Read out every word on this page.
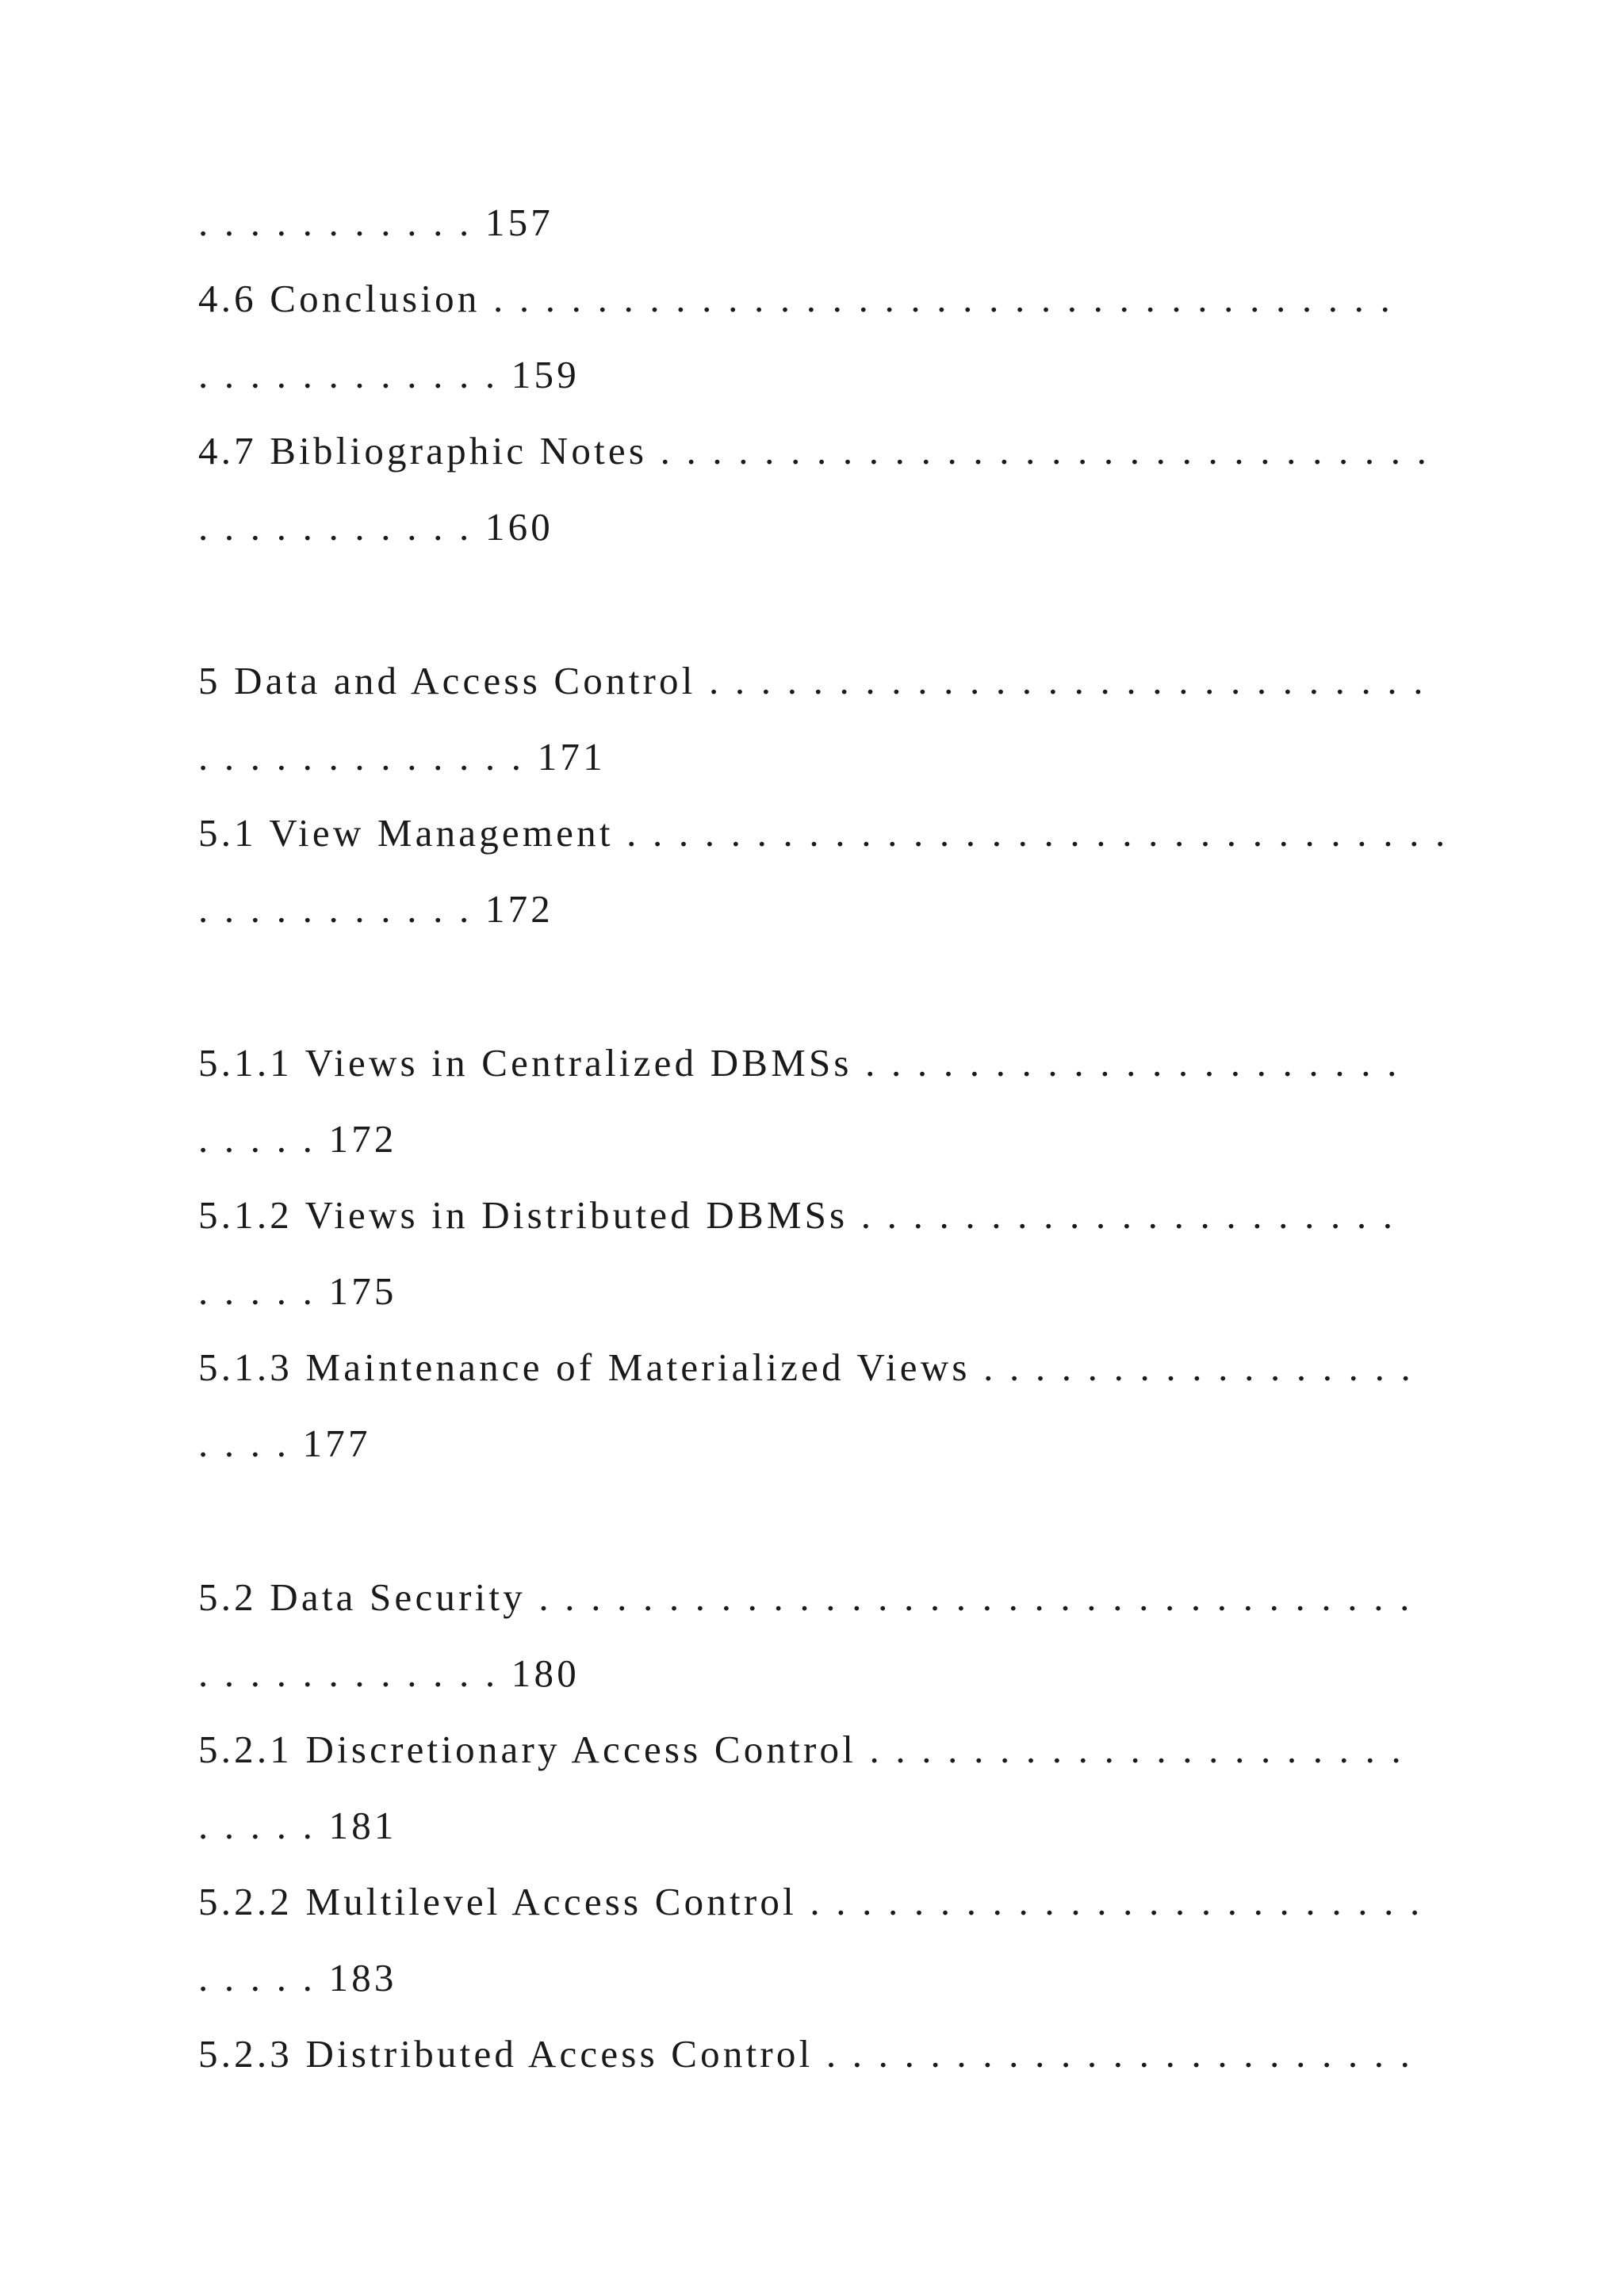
. . . . . . . . . . . 157

4.6 Conclusion . . . . . . . . . . . . . . . . . . . . . . . . . . . . . . . . . . .

. . . . . . . . . . . . 159

4.7 Bibliographic Notes . . . . . . . . . . . . . . . . . . . . . . . . . . . . . .

. . . . . . . . . . . 160

5 Data and Access Control . . . . . . . . . . . . . . . . . . . . . . . . . . . .

. . . . . . . . . . . . . 171

5.1 View Management . . . . . . . . . . . . . . . . . . . . . . . . . . . . . . . .

. . . . . . . . . . . 172

5.1.1 Views in Centralized DBMSs . . . . . . . . . . . . . . . . . . . . .

. . . . . 172

5.1.2 Views in Distributed DBMSs . . . . . . . . . . . . . . . . . . . . .

. . . . . 175

5.1.3 Maintenance of Materialized Views . . . . . . . . . . . . . . . . .

. . . . 177

5.2 Data Security . . . . . . . . . . . . . . . . . . . . . . . . . . . . . . . . . .

. . . . . . . . . . . . 180

5.2.1 Discretionary Access Control . . . . . . . . . . . . . . . . . . . . .

. . . . . 181

5.2.2 Multilevel Access Control . . . . . . . . . . . . . . . . . . . . . . . .

. . . . . 183

5.2.3 Distributed Access Control . . . . . . . . . . . . . . . . . . . . . . .
